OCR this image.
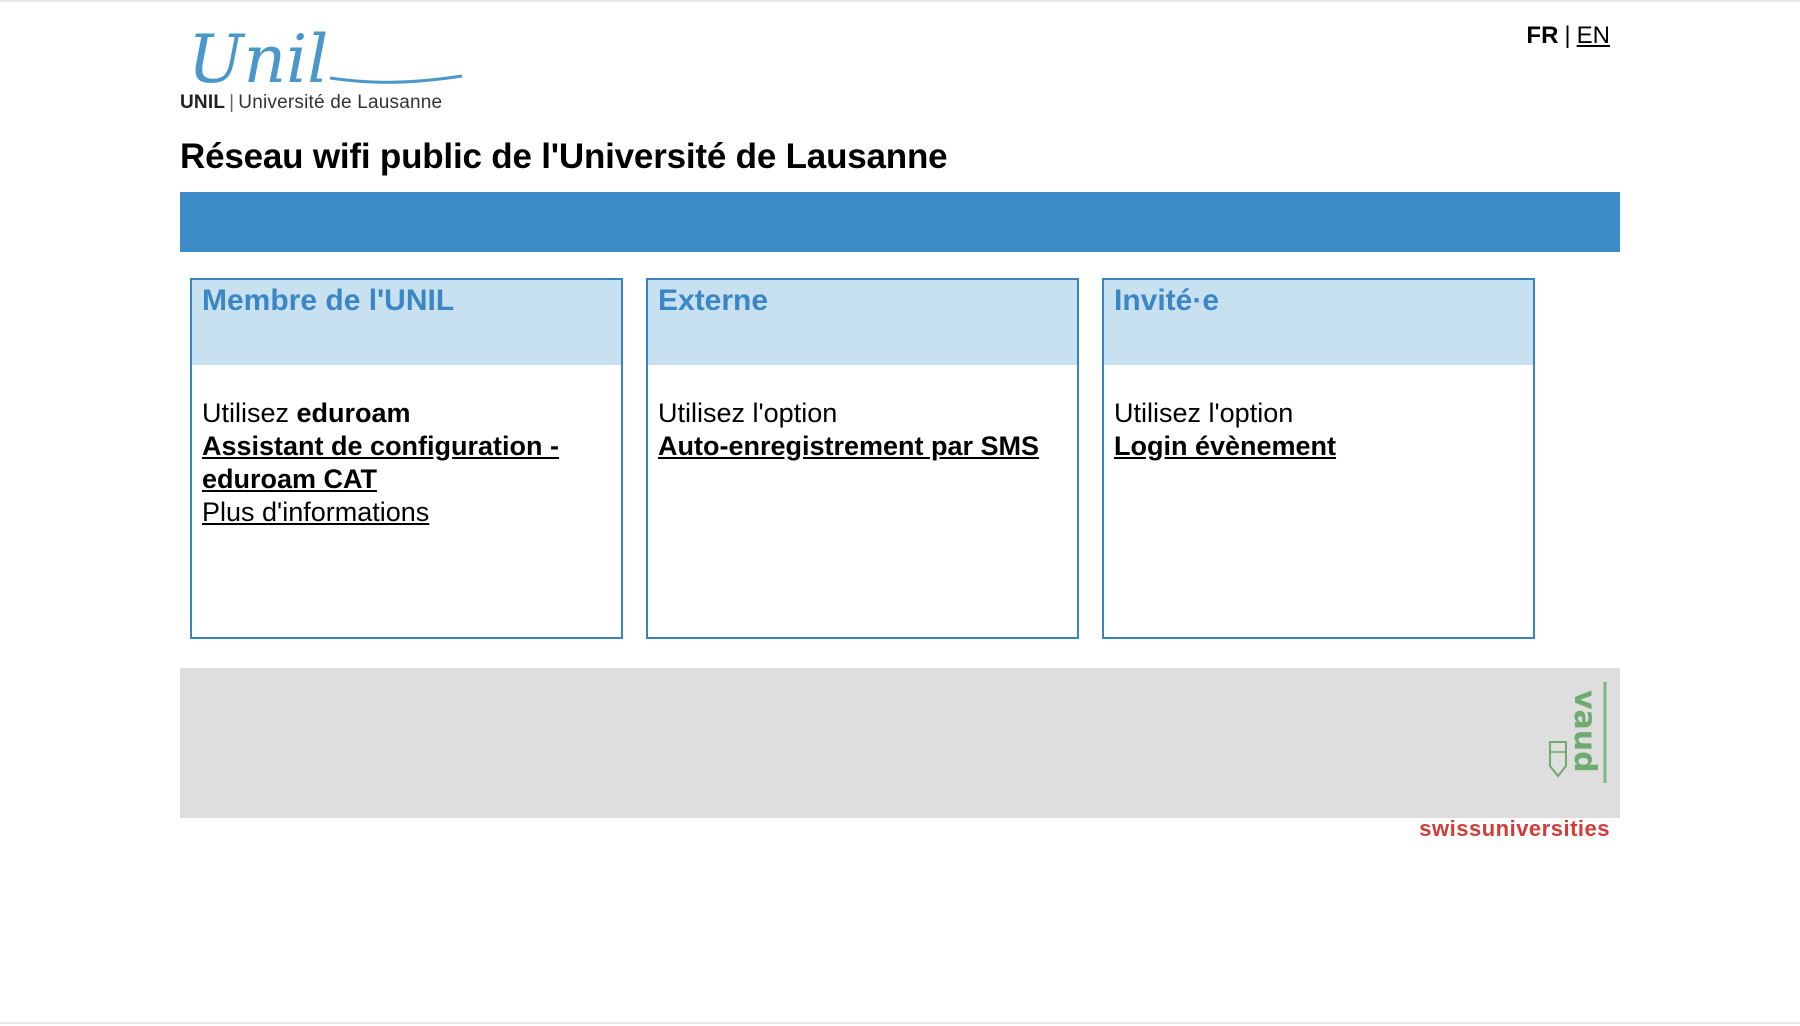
Unil
UNIL | Université de Lausanne
FR | EN
Réseau wifi public de l'Université de Lausanne
Membre de l'UNIL
Utilisez eduroam
Assistant de configuration - eduroam CAT
Plus d'informations
Externe
Utilisez l'option
Auto-enregistrement par SMS
Invité·e
Utilisez l'option
Login évènement
vaud
swissuniversities
